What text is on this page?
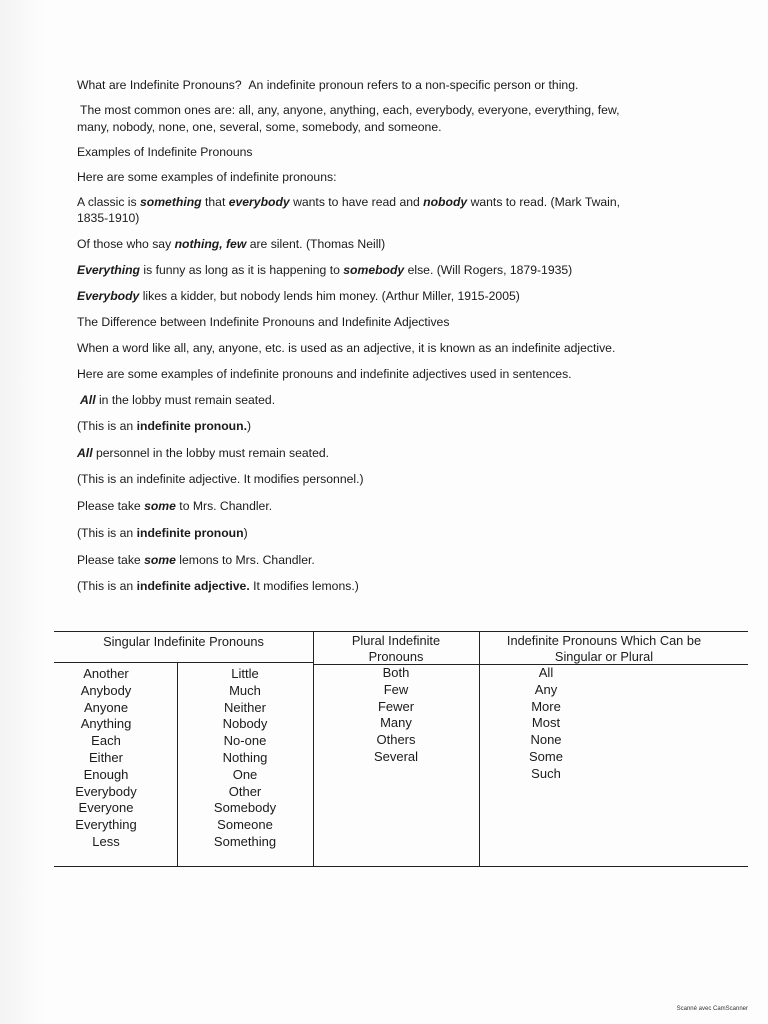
What are Indefinite Pronouns? An indefinite pronoun refers to a non-specific person or thing.

The most common ones are: all, any, anyone, anything, each, everybody, everyone, everything, few,

many, nobody, none, one, several, some, somebody, and someone.

Examples of Indefinite Pronouns

Here are some examples of indefinite pronouns:

A classic is something that everybody wants to have read and nobody wants to read. (Mark Twain,

1835-1910)

Of those who say nothing, few are silent. (Thomas Neill)

Everything is funny as long as it is happening to somebody else. (Will Rogers, 1879-1935)

Everybody likes a kidder, but nobody lends him money. (Arthur Miller, 1915-2005)

The Difference between Indefinite Pronouns and Indefinite Adjectives

When a word like all, any, anyone, etc. is used as an adjective, it is known as an indefinite adjective.

Here are some examples of indefinite pronouns and indefinite adjectives used in sentences.

All in the lobby must remain seated.

(This is an indefinite pronoun.)

All personnel in the lobby must remain seated.

(This is an indefinite adjective. It modifies personnel.)

Please take some to Mrs. Chandler.

(This is an indefinite pronoun)

Please take some lemons to Mrs. Chandler.

(This is an indefinite adjective. It modifies lemons.)

Singular Indefinite Pronouns	Plural Indefinite Pronouns
Indefinite Pronouns Which Can be Singular or Plural
Another
Anybody
Anyone
Anything
Each
Either
Enough
Everybody
Everyone
Everything
Less
Little
Much
Neither
Nobody
No-one
Nothing
One
Other
Somebody
Someone
Something
Both
Few
Fewer
Many
Others
Several
All
Any
More
Most
None
Some
Such
Scanné avec CamScanner
